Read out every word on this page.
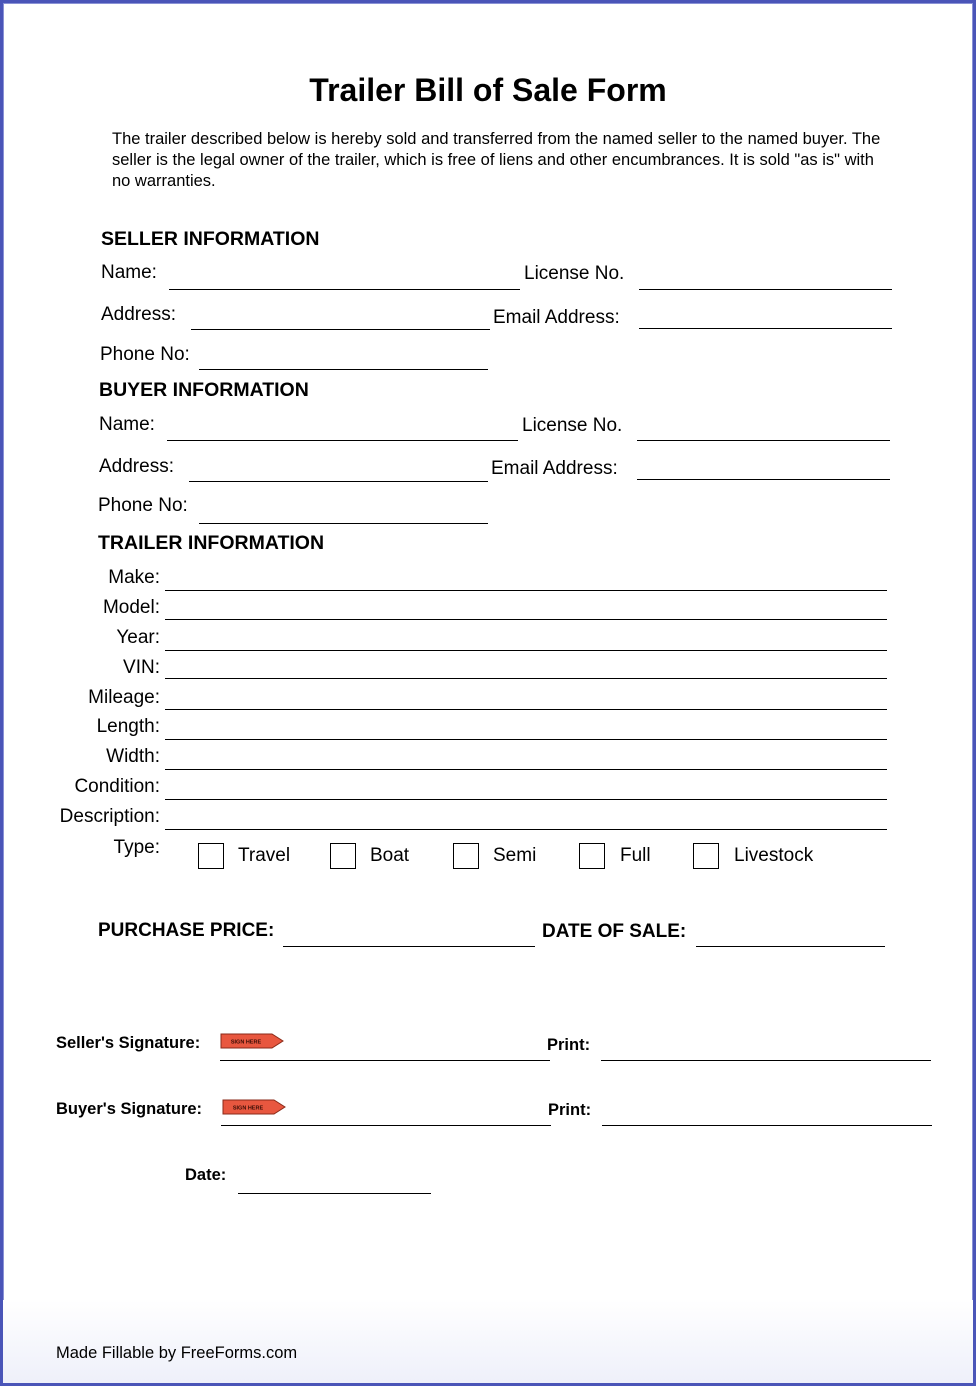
Trailer Bill of Sale Form
The trailer described below is hereby sold and transferred from the named seller to the named buyer. The seller is the legal owner of the trailer, which is free of liens and other encumbrances. It is sold "as is" with no warranties.
SELLER INFORMATION
Name:	License No.
Address:	Email Address:
Phone No:
BUYER INFORMATION
Name:	License No.
Address:	Email Address:
Phone No:
TRAILER INFORMATION
Make:
Model:
Year:
VIN:
Mileage:
Length:
Width:
Condition:
Description:
Type:	Travel	Boat	Semi	Full	Livestock
PURCHASE PRICE:	DATE OF SALE:
Seller's Signature:	SIGN HERE	Print:
Buyer's Signature:	SIGN HERE	Print:
Date:
Made Fillable by FreeForms.com
